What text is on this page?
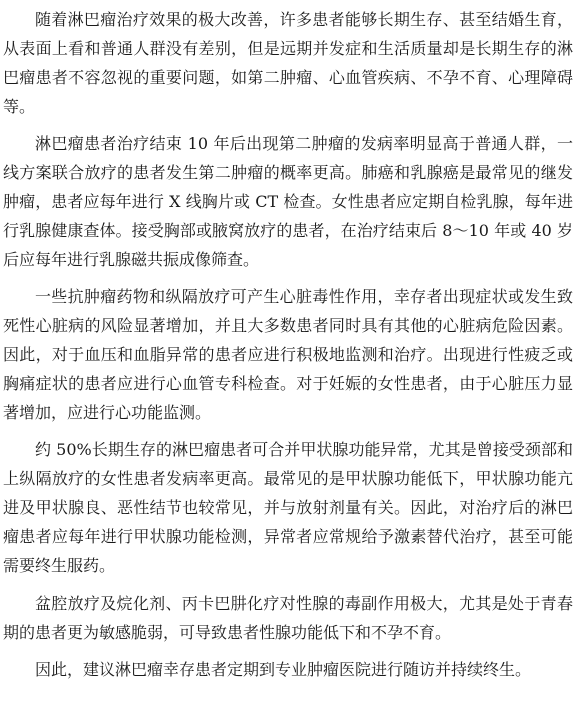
随着淋巴瘤治疗效果的极大改善，许多患者能够长期生存、甚至结婚生育，从表面上看和普通人群没有差别，但是远期并发症和生活质量却是长期生存的淋巴瘤患者不容忽视的重要问题，如第二肿瘤、心血管疾病、不孕不育、心理障碍等。

淋巴瘤患者治疗结束 10 年后出现第二肿瘤的发病率明显高于普通人群，一线方案联合放疗的患者发生第二肿瘤的概率更高。肺癌和乳腺癌是最常见的继发肿瘤，患者应每年进行 X 线胸片或 CT 检查。女性患者应定期自检乳腺，每年进行乳腺健康查体。接受胸部或腋窝放疗的患者，在治疗结束后 8～10 年或 40 岁后应每年进行乳腺磁共振成像筛查。

一些抗肿瘤药物和纵隔放疗可产生心脏毒性作用，幸存者出现症状或发生致死性心脏病的风险显著增加，并且大多数患者同时具有其他的心脏病危险因素。因此，对于血压和血脂异常的患者应进行积极地监测和治疗。出现进行性疲乏或胸痛症状的患者应进行心血管专科检查。对于妊娠的女性患者，由于心脏压力显著增加，应进行心功能监测。

约 50%长期生存的淋巴瘤患者可合并甲状腺功能异常，尤其是曾接受颈部和上纵隔放疗的女性患者发病率更高。最常见的是甲状腺功能低下，甲状腺功能亢进及甲状腺良、恶性结节也较常见，并与放射剂量有关。因此，对治疗后的淋巴瘤患者应每年进行甲状腺功能检测，异常者应常规给予激素替代治疗，甚至可能需要终生服药。

盆腔放疗及烷化剂、丙卡巴肼化疗对性腺的毒副作用极大，尤其是处于青春期的患者更为敏感脆弱，可导致患者性腺功能低下和不孕不育。

因此，建议淋巴瘤幸存患者定期到专业肿瘤医院进行随访并持续终生。
